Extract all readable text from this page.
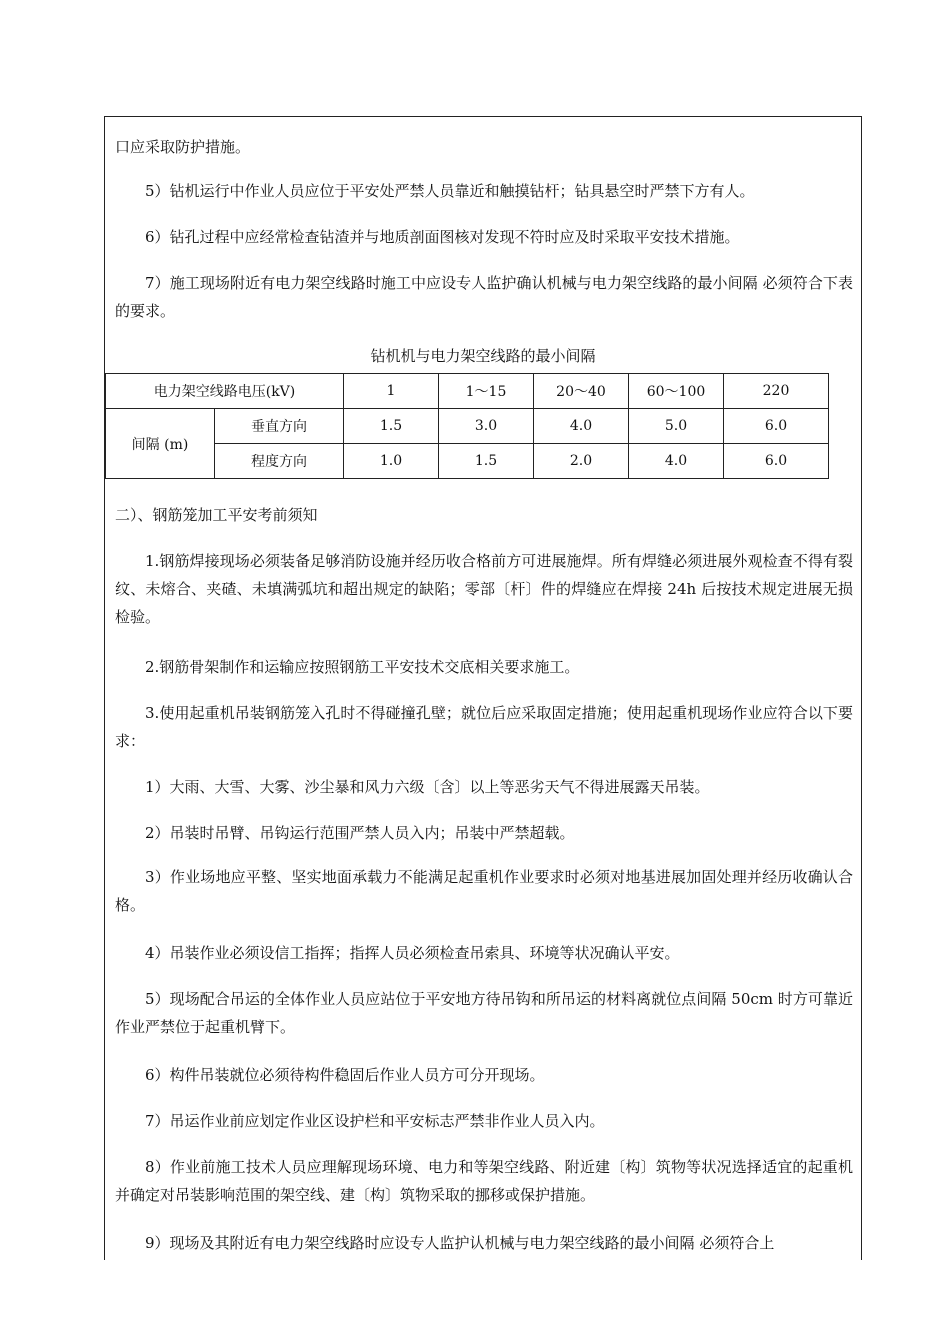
口应采取防护措施。

5）钻机运行中作业人员应位于平安处严禁人员靠近和触摸钻杆；钻具悬空时严禁下方有人。

6）钻孔过程中应经常检查钻渣并与地质剖面图核对发现不符时应及时采取平安技术措施。

7）施工现场附近有电力架空线路时施工中应设专人监护确认机械与电力架空线路的最小间隔 必须符合下表的要求。

钻机机与电力架空线路的最小间隔
电力架空线路电压(kV)		1	1～15	20～40	60～100	220
间隔 (m)	垂直方向	1.5	3.0	4.0	5.0	6.0
	程度方向	1.0	1.5	2.0	4.0	6.0

二）、钢筋笼加工平安考前须知

1.钢筋焊接现场必须装备足够消防设施并经历收合格前方可进展施焊。所有焊缝必须进展外观检查不得有裂纹、未熔合、夹碴、未填满弧坑和超出规定的缺陷；零部〔杆〕件的焊缝应在焊接 24h 后按技术规定进展无损检验。

2.钢筋骨架制作和运输应按照钢筋工平安技术交底相关要求施工。

3.使用起重机吊装钢筋笼入孔时不得碰撞孔壁；就位后应采取固定措施；使用起重机现场作业应符合以下要求：

1）大雨、大雪、大雾、沙尘暴和风力六级〔含〕以上等恶劣天气不得进展露天吊装。

2）吊装时吊臂、吊钩运行范围严禁人员入内；吊装中严禁超载。

3）作业场地应平整、坚实地面承载力不能满足起重机作业要求时必须对地基进展加固处理并经历收确认合格。

4）吊装作业必须设信工指挥；指挥人员必须检查吊索具、环境等状况确认平安。

5）现场配合吊运的全体作业人员应站位于平安地方待吊钩和所吊运的材料离就位点间隔 50cm 时方可靠近作业严禁位于起重机臂下。

6）构件吊装就位必须待构件稳固后作业人员方可分开现场。

7）吊运作业前应划定作业区设护栏和平安标志严禁非作业人员入内。

8）作业前施工技术人员应理解现场环境、电力和等架空线路、附近建〔构〕筑物等状况选择适宜的起重机并确定对吊装影响范围的架空线、建〔构〕筑物采取的挪移或保护措施。

9）现场及其附近有电力架空线路时应设专人监护认机械与电力架空线路的最小间隔 必须符合上
